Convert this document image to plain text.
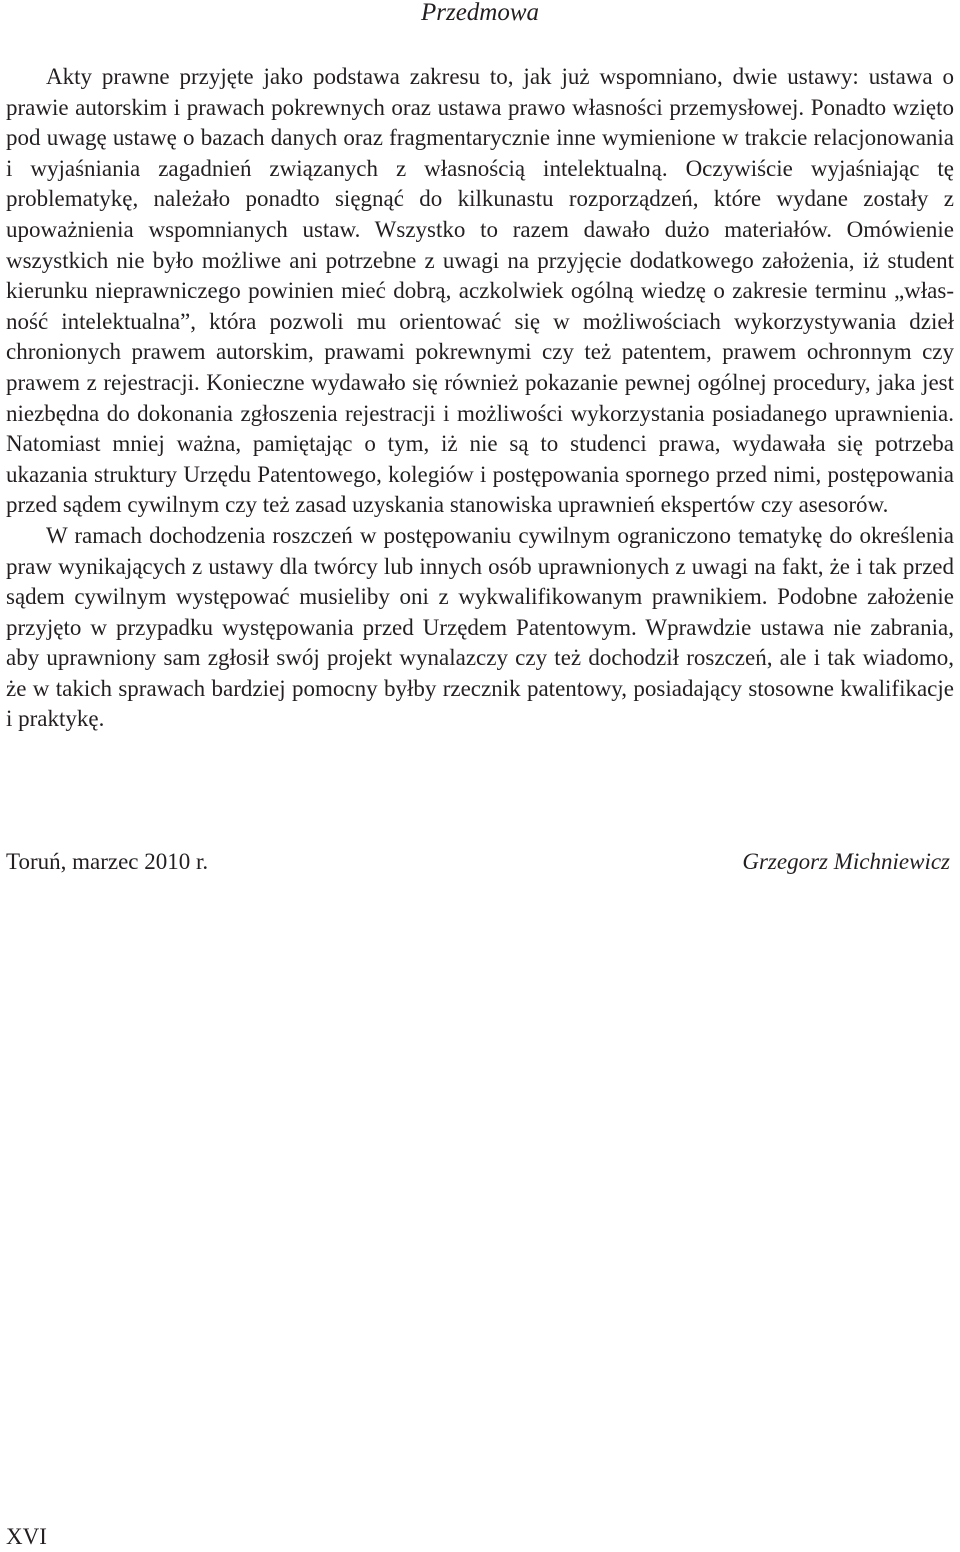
Przedmowa

Akty prawne przyjęte jako podstawa zakresu to, jak już wspomniano, dwie ustawy: ustawa o prawie autorskim i prawach pokrewnych oraz ustawa prawo własności przemysłowej. Ponadto wzięto pod uwagę ustawę o bazach danych oraz fragmentarycznie inne wymienione w trakcie relacjonowania i wyjaśniania zagadnień związanych z własnością intelektualną. Oczywiście wyjaśniając tę problematykę, należało ponadto sięgnąć do kilkunastu rozporządzeń, które wydane zostały z upoważnienia wspomnianych ustaw. Wszystko to razem dawało dużo materiałów. Omówienie wszystkich nie było możliwe ani potrzebne z uwagi na przyjęcie dodatkowego założenia, iż student kierunku nieprawniczego powinien mieć dobrą, aczkolwiek ogólną wiedzę o zakresie terminu „własność intelektualna”, która pozwoli mu orientować się w możliwościach wykorzystywania dzieł chronionych prawem autorskim, prawami pokrewnymi czy też patentem, prawem ochronnym czy prawem z rejestracji. Konieczne wydawało się również pokazanie pewnej ogólnej procedury, jaka jest niezbędna do dokonania zgłoszenia rejestracji i możliwości wykorzystania posiadanego uprawnienia. Natomiast mniej ważna, pamiętając o tym, iż nie są to studenci prawa, wydawała się potrzeba ukazania struktury Urzędu Patentowego, kolegiów i postępowania spornego przed nimi, postępowania przed sądem cywilnym czy też zasad uzyskania stanowiska uprawnień ekspertów czy asesorów.

W ramach dochodzenia roszczeń w postępowaniu cywilnym ograniczono tematykę do określenia praw wynikających z ustawy dla twórcy lub innych osób uprawnionych z uwagi na fakt, że i tak przed sądem cywilnym występować musieliby oni z wykwalifikowanym prawnikiem. Podobne założenie przyjęto w przypadku występowania przed Urzędem Patentowym. Wprawdzie ustawa nie zabrania, aby uprawniony sam zgłosił swój projekt wynalazczy czy też dochodził roszczeń, ale i tak wiadomo, że w takich sprawach bardziej pomocny byłby rzecznik patentowy, posiadający stosowne kwalifikacje i praktykę.

Toruń, marzec 2010 r.	Grzegorz Michniewicz
XVI
